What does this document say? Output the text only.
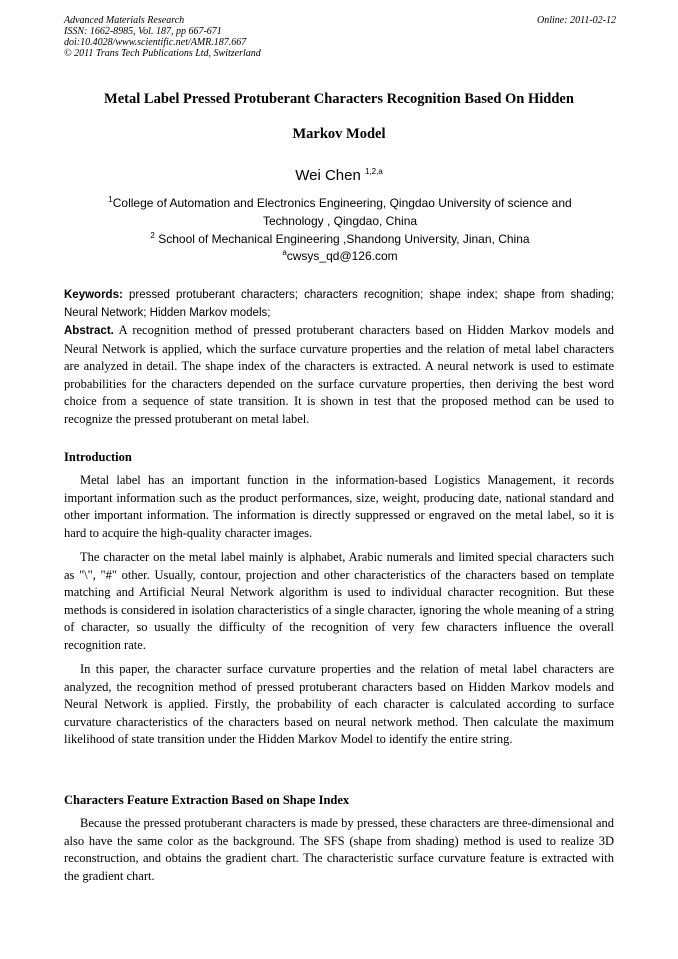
Advanced Materials Research
ISSN: 1662-8985, Vol. 187, pp 667-671
doi:10.4028/www.scientific.net/AMR.187.667
© 2011 Trans Tech Publications Ltd, Switzerland
Online: 2011-02-12
Metal Label Pressed Protuberant Characters Recognition Based On Hidden
Markov Model
Wei Chen $^{1,2,a}$
$^1$College of Automation and Electronics Engineering, Qingdao University of science and
Technology , Qingdao, China
$^2$ School of Mechanical Engineering ,Shandong University, Jinan, China
$^a$cwsys_qd@126.com
Keywords: pressed protuberant characters; characters recognition; shape index; shape from shading; Neural Network; Hidden Markov models;
Abstract. A recognition method of pressed protuberant characters based on Hidden Markov models and Neural Network is applied, which the surface curvature properties and the relation of metal label characters are analyzed in detail. The shape index of the characters is extracted. A neural network is used to estimate probabilities for the characters depended on the surface curvature properties, then deriving the best word choice from a sequence of state transition. It is shown in test that the proposed method can be used to recognize the pressed protuberant on metal label.
Introduction

Metal label has an important function in the information-based Logistics Management, it records important information such as the product performances, size, weight, producing date, national standard and other important information. The information is directly suppressed or engraved on the metal label, so it is hard to acquire the high-quality character images.

The character on the metal label mainly is alphabet, Arabic numerals and limited special characters such as "\", "#" other. Usually, contour, projection and other characteristics of the characters based on template matching and Artificial Neural Network algorithm is used to individual character recognition. But these methods is considered in isolation characteristics of a single character, ignoring the whole meaning of a string of character, so usually the difficulty of the recognition of very few characters influence the overall recognition rate.

In this paper, the character surface curvature properties and the relation of metal label characters are analyzed, the recognition method of pressed protuberant characters based on Hidden Markov models and Neural Network is applied. Firstly, the probability of each character is calculated according to surface curvature characteristics of the characters based on neural network method. Then calculate the maximum likelihood of state transition under the Hidden Markov Model to identify the entire string.

Characters Feature Extraction Based on Shape Index

Because the pressed protuberant characters is made by pressed, these characters are three-dimensional and also have the same color as the background. The SFS (shape from shading) method is used to realize 3D reconstruction, and obtains the gradient chart. The characteristic surface curvature feature is extracted with the gradient chart.
